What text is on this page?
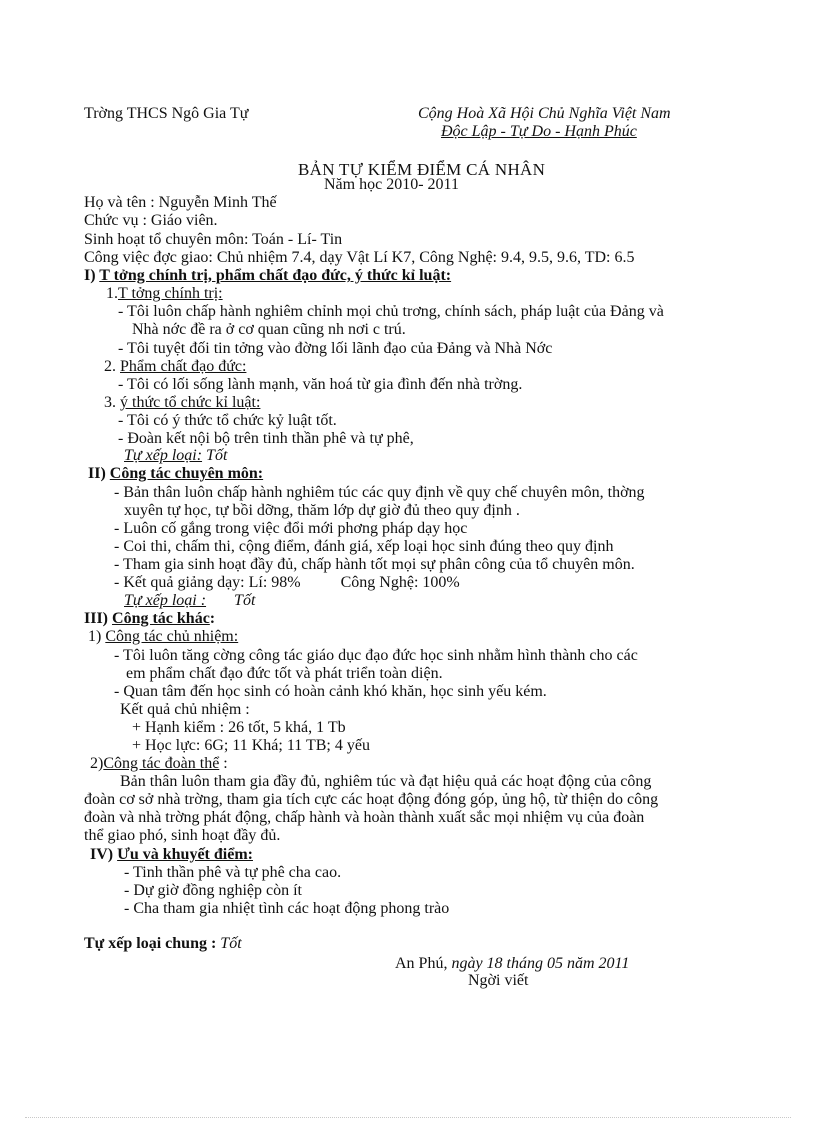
Trờng THCS Ngô Gia Tự	Cộng Hoà Xã Hội Chủ Nghĩa Việt Nam
Độc Lập - Tự Do - Hạnh Phúc
BẢN TỰ KIỂM ĐIỂM CÁ NHÂN
Năm học 2010- 2011
Họ và tên : Nguyễn Minh Thế
Chức vụ : Giáo viên.
Sinh hoạt tổ chuyên môn: Toán - Lí- Tin
Công việc đợc giao: Chủ nhiệm 7.4, dạy Vật Lí K7, Công Nghệ: 9.4, 9.5, 9.6, TD: 6.5
I) T tởng chính trị, phẩm chất đạo đức, ý thức kỉ luật:
1.T tởng chính trị:
- Tôi luôn chấp hành nghiêm chỉnh mọi chủ trơng, chính sách, pháp luật của Đảng và
Nhà nớc đề ra ở cơ quan cũng nh nơi c trú.
- Tôi tuyệt đối tin tởng vào đờng lối lãnh đạo của Đảng và Nhà Nớc
2. Phẩm chất đạo đức:
- Tôi có lối sống lành mạnh, văn hoá từ gia đình đến nhà trờng.
3. ý thức tổ chức kỉ luật:
- Tôi có ý thức tổ chức kỷ luật tốt.
- Đoàn kết nội bộ trên tinh thần phê và tự phê,
Tự xếp loại: Tốt
II) Công tác chuyên môn:
- Bản thân luôn chấp hành nghiêm túc các quy định về quy chế chuyên môn, thờng
xuyên tự học, tự bồi dỡng, thăm lớp dự giờ đủ theo quy định .
- Luôn cố gắng trong việc đổi mới phơng pháp dạy học
- Coi thi, chấm thi, cộng điểm, đánh giá, xếp loại học sinh đúng theo quy định
- Tham gia sinh hoạt đầy đủ, chấp hành tốt mọi sự phân công của tổ chuyên môn.
- Kết quả giảng dạy: Lí: 98%	Công Nghệ: 100%
Tự xếp loại : Tốt
III) Công tác khác:
1) Công tác chủ nhiệm:
- Tôi luôn tăng cờng công tác giáo dục đạo đức học sinh nhằm hình thành cho các
em phẩm chất đạo đức tốt và phát triển toàn diện.
- Quan tâm đến học sinh có hoàn cảnh khó khăn, học sinh yếu kém.
Kết quả chủ nhiệm :
+ Hạnh kiểm : 26 tốt, 5 khá, 1 Tb
+ Học lực: 6G; 11 Khá; 11 TB; 4 yếu
2)Công tác đoàn thể :
Bản thân luôn tham gia đầy đủ, nghiêm túc và đạt hiệu quả các hoạt động của công
đoàn cơ sở nhà trờng, tham gia tích cực các hoạt động đóng góp, ủng hộ, từ thiện do công
đoàn và nhà trờng phát động, chấp hành và hoàn thành xuất sắc mọi nhiệm vụ của đoàn
thể giao phó, sinh hoạt đầy đủ.
IV) Ưu và khuyết điểm:
- Tinh thần phê và tự phê cha cao.
- Dự giờ đồng nghiệp còn ít
- Cha tham gia nhiệt tình các hoạt động phong trào
Tự xếp loại chung : Tốt
An Phú, ngày 18 tháng 05 năm 2011
Ngời viết
